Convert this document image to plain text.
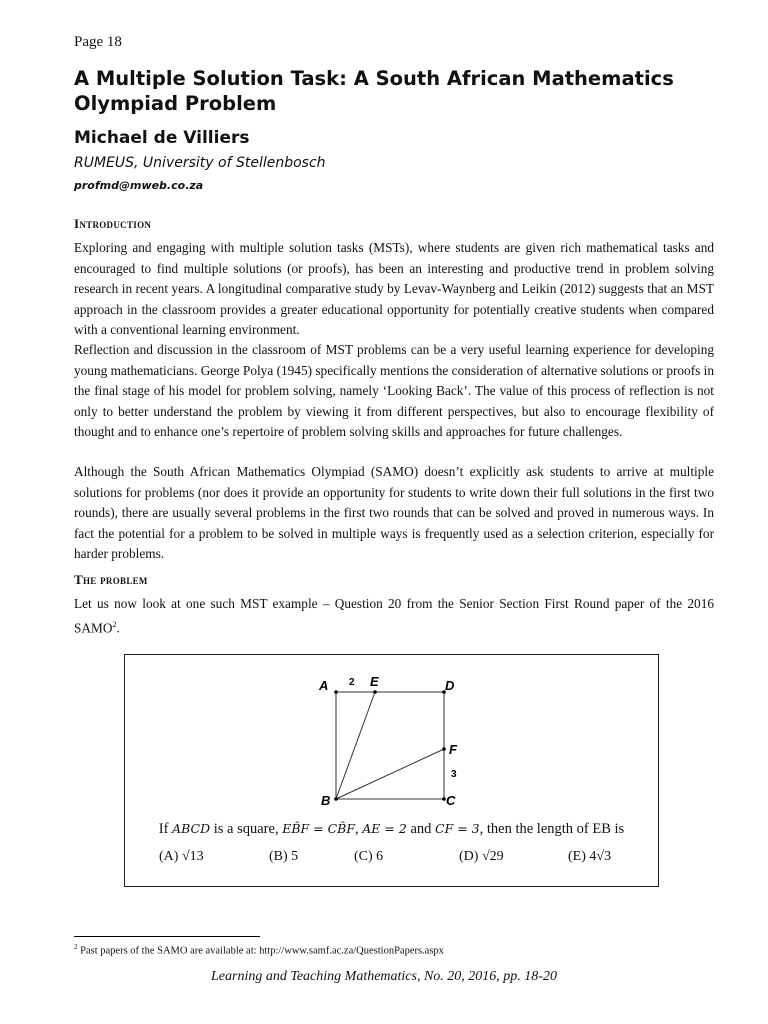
Page 18
A Multiple Solution Task: A South African Mathematics Olympiad Problem
Michael de Villiers
RUMEUS, University of Stellenbosch
profmd@mweb.co.za
Introduction

Exploring and engaging with multiple solution tasks (MSTs), where students are given rich mathematical tasks and encouraged to find multiple solutions (or proofs), has been an interesting and productive trend in problem solving research in recent years. A longitudinal comparative study by Levav-Waynberg and Leikin (2012) suggests that an MST approach in the classroom provides a greater educational opportunity for potentially creative students when compared with a conventional learning environment.

Reflection and discussion in the classroom of MST problems can be a very useful learning experience for developing young mathematicians. George Polya (1945) specifically mentions the consideration of alternative solutions or proofs in the final stage of his model for problem solving, namely ‘Looking Back’. The value of this process of reflection is not only to better understand the problem by viewing it from different perspectives, but also to encourage flexibility of thought and to enhance one’s repertoire of problem solving skills and approaches for future challenges.

Although the South African Mathematics Olympiad (SAMO) doesn’t explicitly ask students to arrive at multiple solutions for problems (nor does it provide an opportunity for students to write down their full solutions in the first two rounds), there are usually several problems in the first two rounds that can be solved and proved in numerous ways. In fact the potential for a problem to be solved in multiple ways is frequently used as a selection criterion, especially for harder problems.

The problem

Let us now look at one such MST example – Question 20 from the Senior Section First Round paper of the 2016 SAMO$^2$.

A	E	D
F
B	C
2
3
If ABCD is a square, EB̂F = CB̂F, AE = 2 and CF = 3, then the length of EB is
(A) √13	(B) 5	(C) 6	(D) √29	(E) 4√3
$^2$ Past papers of the SAMO are available at: http://www.samf.ac.za/QuestionPapers.aspx
Learning and Teaching Mathematics, No. 20, 2016, pp. 18-20
